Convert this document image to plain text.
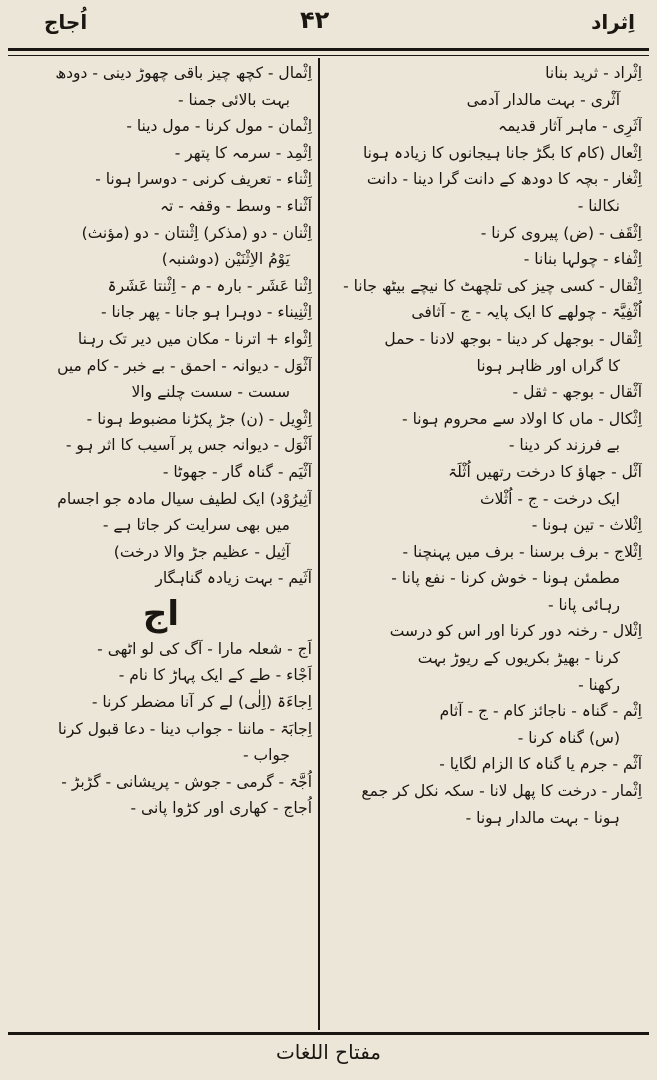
اُجاج	۴۲	اِثراد
اِثْراد - ثرید بنانا
آثْرى - بہت مالدار آدمی
آثَرِی - ماہر آثار قدیمہ
اِثْعال (کام کا بگڑ جانا ہیجانوں کا زیادہ ہونا
اِثْغار - بچہ کا دودھ کے دانت گرا دینا - دانت
نکالنا -
اِثْقَف - (ض) پیروی کرنا -
اِثْفاء - چولہا بنانا -
اِثْقال - کسی چیز کی تلچھٹ کا نیچے بیٹھ جانا -
اُثْفِیَّۃ - چولھے کا ایک پایہ - ج - آثافی
اِثْقال - بوجھل کر دینا - بوجھ لادنا - حمل
کا گراں اور ظاہر ہونا
آثْقال - بوجھ - ثقل -
اِثْکال - ماں کا اولاد سے محروم ہونا -
بے فرزند کر دینا -
آثْل - جھاؤ کا درخت رتھیں اُثْلَۃ
ایک درخت - ج - اُثْلاث
اِثْلاث - تین ہونا -
اِثْلاج - برف برسنا - برف میں پہنچنا -
مطمئن ہونا - خوش کرنا - نفع پانا -
رہائی پانا -
اِثْلال - رخنہ دور کرنا اور اس کو درست
کرنا - بھیڑ بکریوں کے ریوڑ بہت
رکھنا -
اِثْم - گناہ - ناجائز کام - ج - آثام
(س) گناہ کرنا -
آثْم - جرم یا گناہ کا الزام لگایا -
اِثْمار - درخت کا پھل لانا - سکہ نکل کر جمع
ہونا - بہت مالدار ہونا -
اِثْمال - کچھ چیز باقی چھوڑ دینی - دودھ
بہت بالائی جمنا -
اِثْمان - مول کرنا - مول دینا -
اِثْمِد - سرمہ کا پتھر -
اِثْناء - تعریف کرنی - دوسرا ہونا -
اَثْناء - وسط - وقفہ - تہ
اِثْنان - دو (مذکر) اِثْنتان - دو (مؤنث)
یَوْمُ الاِثْنَیْن (دوشنبہ)
اِثْنا عَشَر - بارہ - م - اِثْنتا عَشَرۃ
اِثْنِیناء - دوہرا ہو جانا - پھر جانا -
اِثْواء + اترنا - مکان میں دیر تک رہنا
آثْوَل - دیوانہ - احمق - بے خبر - کام میں
سست - سست چلنے والا
اِثْوِیل - (ن) جڑ پکڑنا مضبوط ہونا -
اَثْوَل - دیوانہ جس پر آسیب کا اثر ہو -
آثْیَم - گناہ گار - جھوٹا -
آثِیرُوْد) ایک لطیف سیال مادہ جو اجسام
میں بھی سرایت کر جاتا ہے -
آثِیل - عظیم جڑ والا درخت)
آثَیم - بہت زیادہ گناہگار
اج
اَج - شعلہ مارا - آگ کی لو اٹھی -
اَجْاء - طے کے ایک پہاڑ کا نام -
اِجاءَۃ (اِلٰی) لے کر آنا مضطر کرنا -
اِجابَۃ - ماننا - جواب دینا - دعا قبول کرنا
جواب -
اُجَّۃ - گرمی - جوش - پریشانی - گڑبڑ -
اُجاج - کھاری اور کڑوا پانی -
مفتاح اللغات
